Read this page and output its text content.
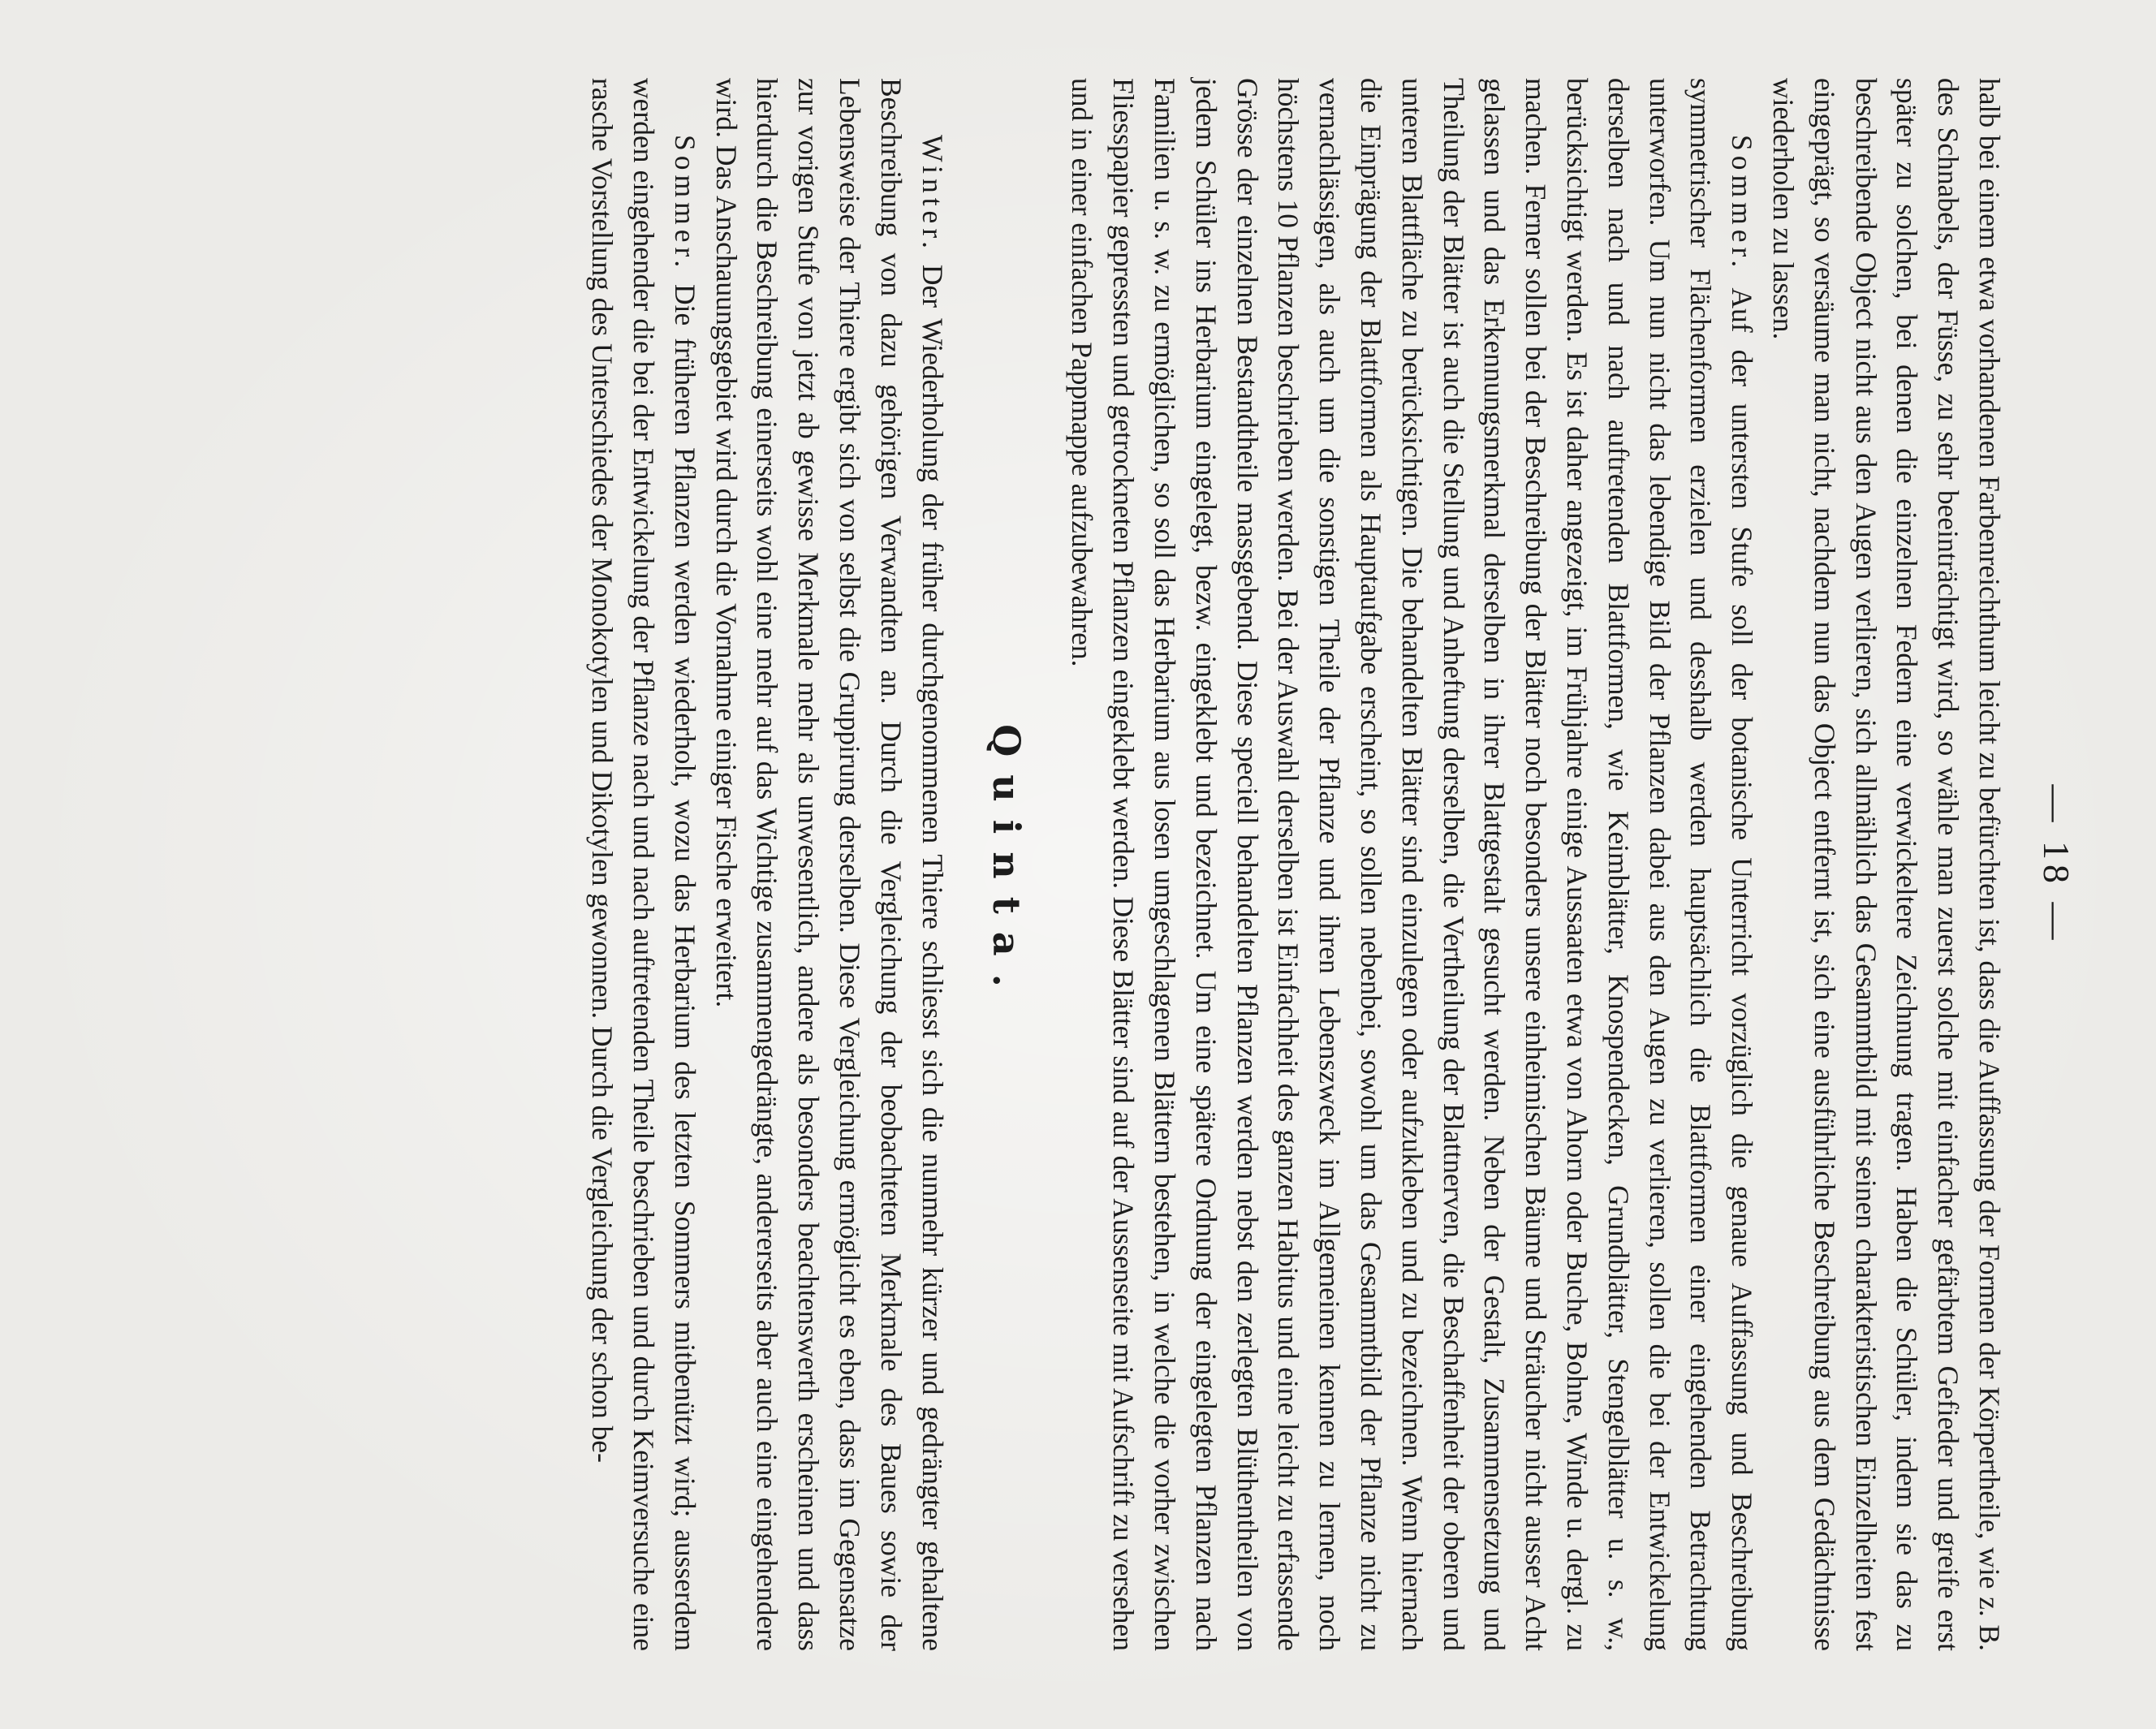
— 18 —

halb bei einem etwa vorhandenen Farbenreichthum leicht zu befürchten ist, dass die Auffassung der Formen der Körpertheile, wie z. B. des Schnabels, der Füsse, zu sehr beeinträchtigt wird, so wähle man zuerst solche mit einfacher gefärbtem Gefieder und greife erst später zu solchen, bei denen die einzelnen Federn eine verwickeltere Zeichnung tragen. Haben die Schüler, indem sie das zu beschreibende Object nicht aus den Augen verlieren, sich allmählich das Gesammtbild mit seinen charakteristischen Einzelheiten fest eingeprägt, so versäume man nicht, nachdem nun das Object entfernt ist, sich eine ausführliche Beschreibung aus dem Gedächtnisse wiederholen zu lassen.

Sommer. Auf der untersten Stufe soll der botanische Unterricht vorzüglich die genaue Auffassung und Beschreibung symmetrischer Flächenformen erzielen und desshalb werden hauptsächlich die Blattformen einer eingehenden Betrachtung unterworfen. Um nun nicht das lebendige Bild der Pflanzen dabei aus den Augen zu verlieren, sollen die bei der Entwickelung derselben nach und nach auftretenden Blattformen, wie Keimblätter, Knospendecken, Grundblätter, Stengelblätter u. s. w., berücksichtigt werden. Es ist daher angezeigt, im Frühjahre einige Aussaaten etwa von Ahorn oder Buche, Bohne, Winde u. dergl. zu machen. Ferner sollen bei der Beschreibung der Blätter noch besonders unsere einheimischen Bäume und Sträucher nicht ausser Acht gelassen und das Erkennungsmerkmal derselben in ihrer Blattgestalt gesucht werden. Neben der Gestalt, Zusammensetzung und Theilung der Blätter ist auch die Stellung und Anheftung derselben, die Vertheilung der Blattnerven, die Beschaffenheit der oberen und unteren Blattfläche zu berücksichtigen. Die behandelten Blätter sind einzulegen oder aufzukleben und zu bezeichnen. Wenn hiernach die Einprägung der Blattformen als Hauptaufgabe erscheint, so sollen nebenbei, sowohl um das Gesammtbild der Pflanze nicht zu vernachlässigen, als auch um die sonstigen Theile der Pflanze und ihren Lebenszweck im Allgemeinen kennen zu lernen, noch höchstens 10 Pflanzen beschrieben werden. Bei der Auswahl derselben ist Einfachheit des ganzen Habitus und eine leicht zu erfassende Grösse der einzelnen Bestandtheile massgebend. Diese speciell behandelten Pflanzen werden nebst den zerlegten Blüthentheilen von jedem Schüler ins Herbarium eingelegt, bezw. eingeklebt und bezeichnet. Um eine spätere Ordnung der eingelegten Pflanzen nach Familien u. s. w. zu ermöglichen, so soll das Herbarium aus losen umgeschlagenen Blättern bestehen, in welche die vorher zwischen Fliesspapier gepressten und getrockneten Pflanzen eingeklebt werden. Diese Blätter sind auf der Aussenseite mit Aufschrift zu versehen und in einer einfachen Pappmappe aufzubewahren.

Quinta.

Winter. Der Wiederholung der früher durchgenommenen Thiere schliesst sich die nunmehr kürzer und gedrängter gehaltene Beschreibung von dazu gehörigen Verwandten an. Durch die Vergleichung der beobachteten Merkmale des Baues sowie der Lebensweise der Thiere ergibt sich von selbst die Gruppirung derselben. Diese Vergleichung ermöglicht es eben, dass im Gegensatze zur vorigen Stufe von jetzt ab gewisse Merkmale mehr als unwesentlich, andere als besonders beachtenswerth erscheinen und dass hierdurch die Beschreibung einerseits wohl eine mehr auf das Wichtige zusammengedrängte, andererseits aber auch eine eingehendere wird. Das Anschauungsgebiet wird durch die Vornahme einiger Fische erweitert.

Sommer. Die früheren Pflanzen werden wiederholt, wozu das Herbarium des letzten Sommers mitbenützt wird; ausserdem werden eingehender die bei der Entwickelung der Pflanze nach und nach auftretenden Theile beschrieben und durch Keimversuche eine rasche Vorstellung des Unterschiedes der Monokotylen und Dikotylen gewonnen. Durch die Vergleichung der schon be-
